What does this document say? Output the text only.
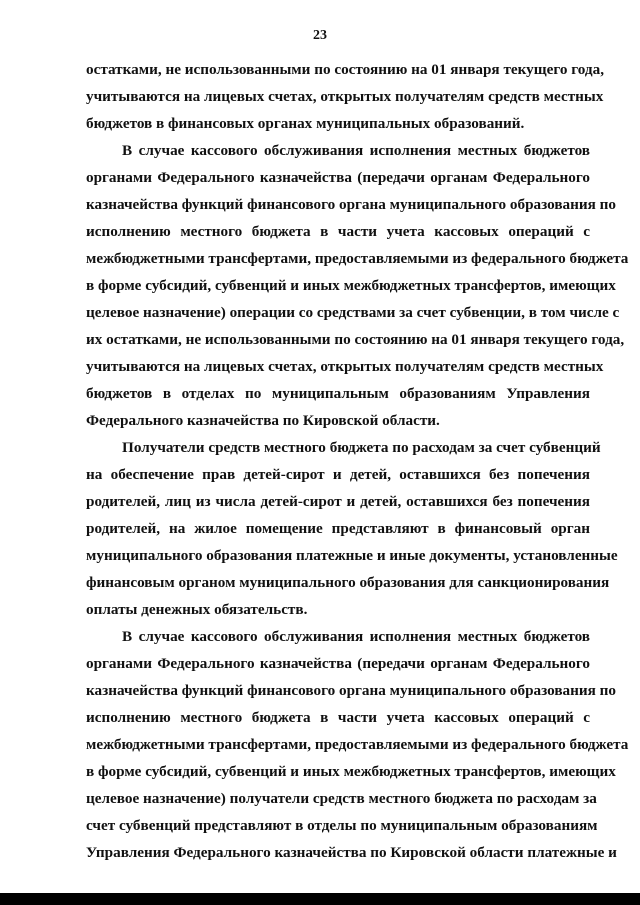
23
остатками, не использованными по состоянию на 01 января текущего года,
учитываются на лицевых счетах, открытых получателям средств местных
бюджетов в финансовых органах муниципальных образований.
В случае кассового обслуживания исполнения местных бюджетов
органами Федерального казначейства (передачи органам Федерального
казначейства функций финансового органа муниципального образования по
исполнению местного бюджета в части учета кассовых операций с
межбюджетными трансфертами, предоставляемыми из федерального бюджета
в форме субсидий, субвенций и иных межбюджетных трансфертов, имеющих
целевое назначение) операции со средствами за счет субвенции, в том числе с
их остатками, не использованными по состоянию на 01 января текущего года,
учитываются на лицевых счетах, открытых получателям средств местных
бюджетов в отделах по муниципальным образованиям Управления
Федерального казначейства по Кировской области.
Получатели средств местного бюджета по расходам за счет субвенций
на обеспечение прав детей-сирот и детей, оставшихся без попечения
родителей, лиц из числа детей-сирот и детей, оставшихся без попечения
родителей, на жилое помещение представляют в финансовый орган
муниципального образования платежные и иные документы, установленные
финансовым органом муниципального образования для санкционирования
оплаты денежных обязательств.
В случае кассового обслуживания исполнения местных бюджетов
органами Федерального казначейства (передачи органам Федерального
казначейства функций финансового органа муниципального образования по
исполнению местного бюджета в части учета кассовых операций с
межбюджетными трансфертами, предоставляемыми из федерального бюджета
в форме субсидий, субвенций и иных межбюджетных трансфертов, имеющих
целевое назначение) получатели средств местного бюджета по расходам за
счет субвенций представляют в отделы по муниципальным образованиям
Управления Федерального казначейства по Кировской области платежные и
